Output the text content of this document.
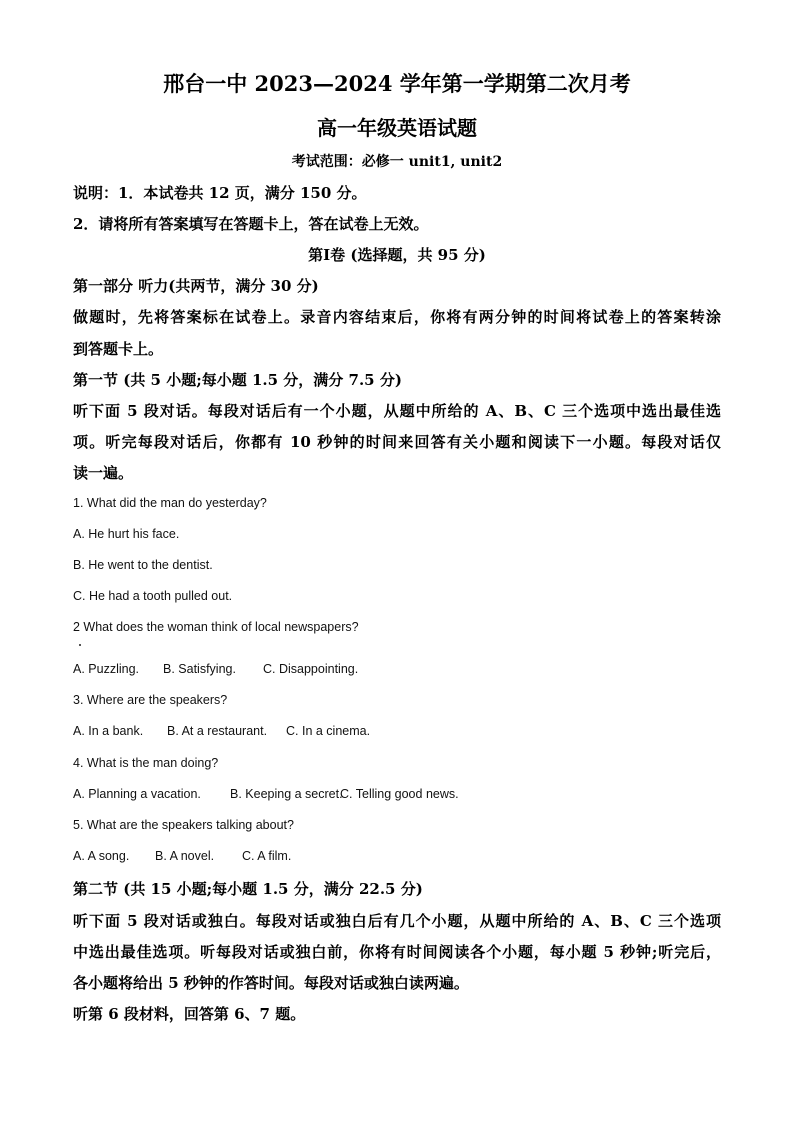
邢台一中 2023—2024 学年第一学期第二次月考
高一年级英语试题
考试范围：必修一 unit1, unit2
说明：1．本试卷共 12 页，满分 150 分。
2．请将所有答案填写在答题卡上，答在试卷上无效。
第Ⅰ卷 (选择题，共 95 分)
第一部分 听力(共两节，满分 30 分)
做题时，先将答案标在试卷上。录音内容结束后，你将有两分钟的时间将试卷上的答案转涂
到答题卡上。
第一节 (共 5 小题;每小题 1.5 分，满分 7.5 分)
听下面 5 段对话。每段对话后有一个小题，从题中所给的 A、B、C 三个选项中选出最佳选
项。听完每段对话后，你都有 10 秒钟的时间来回答有关小题和阅读下一小题。每段对话仅
读一遍。
1. What did the man do yesterday?
A. He hurt his face.
B. He went to the dentist.
C. He had a tooth pulled out.
2 What does the woman think of local newspapers?
A. Puzzling. B. Satisfying. C. Disappointing.
3. Where are the speakers?
A. In a bank. B. At a restaurant. C. In a cinema.
4. What is the man doing?
A. Planning a vacation. B. Keeping a secret.C. Telling good news.
5. What are the speakers talking about?
A. A song. B. A novel. C. A film.
第二节 (共 15 小题;每小题 1.5 分，满分 22.5 分)
听下面 5 段对话或独白。每段对话或独白后有几个小题，从题中所给的 A、B、C 三个选项
中选出最佳选项。听每段对话或独白前，你将有时间阅读各个小题，每小题 5 秒钟;听完后，
各小题将给出 5 秒钟的作答时间。每段对话或独白读两遍。
听第 6 段材料，回答第 6、7 题。
